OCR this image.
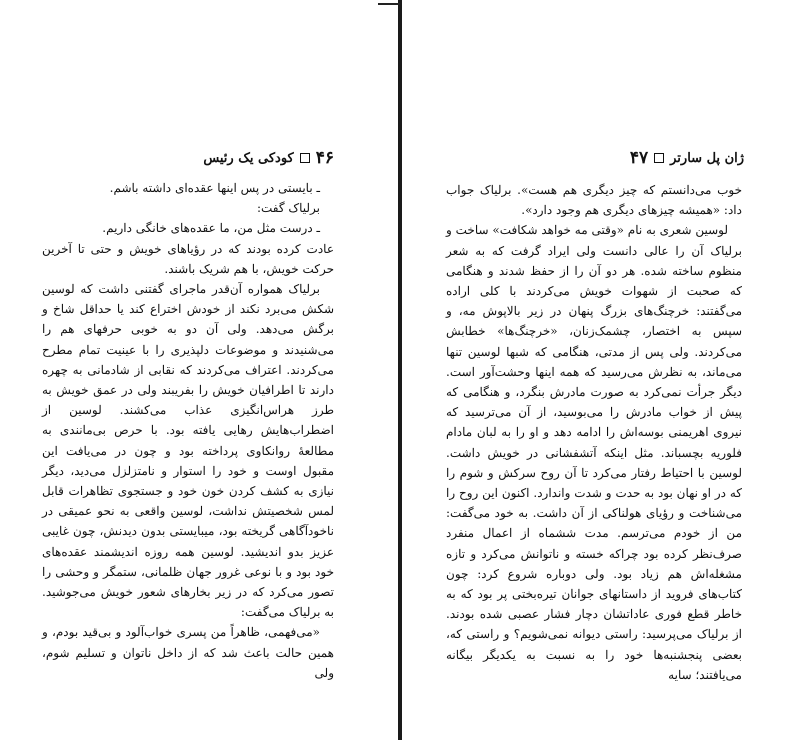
۴۶
کودکی یک رئیس

ـ بایستی در پس اینها عقده‌ای داشته باشم.

برلیاک گفت:

ـ درست مثل من، ما عقده‌های خانگی داریم.

عادت کرده بودند که در رؤیاهای خویش و حتی تا آخرین حرکت خویش، با هم شریک باشند.

برلیاک همواره آن‌قدر ماجرای گفتنی داشت که لوسین شکش می‌برد نکند از خودش اختراع کند یا حداقل شاخ و برگش می‌دهد. ولی آن دو به خوبی حرفهای هم را می‌شنیدند و موضوعات دلپذیری را با عینیت تمام مطرح می‌کردند. اعتراف می‌کردند که نقابی از شادمانی به چهره دارند تا اطرافیان خویش را بفریبند ولی در عمق خویش به طرز هراس‌انگیزی عذاب می‌کشند. لوسین از اضطراب‌هایش رهایی یافته بود. با حرص بی‌مانندی به مطالعهٔ روانکاوی پرداخته بود و چون در می‌یافت این مقبول اوست و خود را استوار و نامتزلزل می‌دید، دیگر نیازی به کشف کردن خون خود و جستجوی تظاهرات قابل لمس شخصیتش نداشت، لوسین واقعی به نحو عمیقی در ناخودآگاهی گریخته بود، میبایستی بدون دیدنش، چون غایبی عزیز بدو اندیشید. لوسین همه روزه اندیشمند عقده‌های خود بود و با نوعی غرور جهان ظلمانی، ستمگر و وحشی را تصور می‌کرد که در زیر بخارهای شعور خویش می‌جوشید. به برلیاک می‌گفت:

«می‌فهمی، ظاهراً من پسری خواب‌آلود و بی‌قید بودم، و همین حالت باعث شد که از داخل ناتوان و تسلیم شوم، ولی

ژان پل سارتر
۴۷

خوب می‌دانستم که چیز دیگری هم هست». برلیاک جواب داد: «همیشه چیزهای دیگری هم وجود دارد».

لوسین شعری به نام «وقتی مه خواهد شکافت» ساخت و برلیاک آن را عالی دانست ولی ایراد گرفت که به شعر منظوم ساخته شده. هر دو آن را از حفظ شدند و هنگامی که صحبت از شهوات خویش می‌کردند با کلی اراده می‌گفتند: خرچنگ‌های بزرگ پنهان در زیر بالاپوش مه، و سپس به اختصار، چشمک‌زنان، «خرچنگ‌ها» خطابش می‌کردند. ولی پس از مدتی، هنگامی که شبها لوسین تنها می‌ماند، به نظرش می‌رسید که همه اینها وحشت‌آور است. دیگر جرأت نمی‌کرد به صورت مادرش بنگرد، و هنگامی که پیش از خواب مادرش را می‌بوسید، از آن می‌ترسید که نیروی اهریمنی بوسه‌اش را ادامه دهد و او را به لبان مادام فلوریه بچسباند. مثل اینکه آتشفشانی در خویش داشت. لوسین با احتیاط رفتار می‌کرد تا آن روح سرکش و شوم را که در او نهان بود به حدت و شدت واندارد. اکنون این روح را می‌شناخت و رؤیای هولناکی از آن داشت. به خود می‌گفت: من از خودم می‌ترسم. مدت ششماه از اعمال منفرد صرف‌نظر کرده بود چراکه خسته و ناتوانش می‌کرد و تازه مشغله‌اش هم زیاد بود. ولی دوباره شروع کرد: چون کتاب‌های فروید از داستانهای جوانان تیره‌بختی پر بود که به خاطر قطع فوری عاداتشان دچار فشار عصبی شده بودند. از برلیاک می‌پرسید: راستی دیوانه نمی‌شویم؟ و راستی که، بعضی پنجشنبه‌ها خود را به نسبت به یکدیگر بیگانه می‌یافتند؛ سایه
